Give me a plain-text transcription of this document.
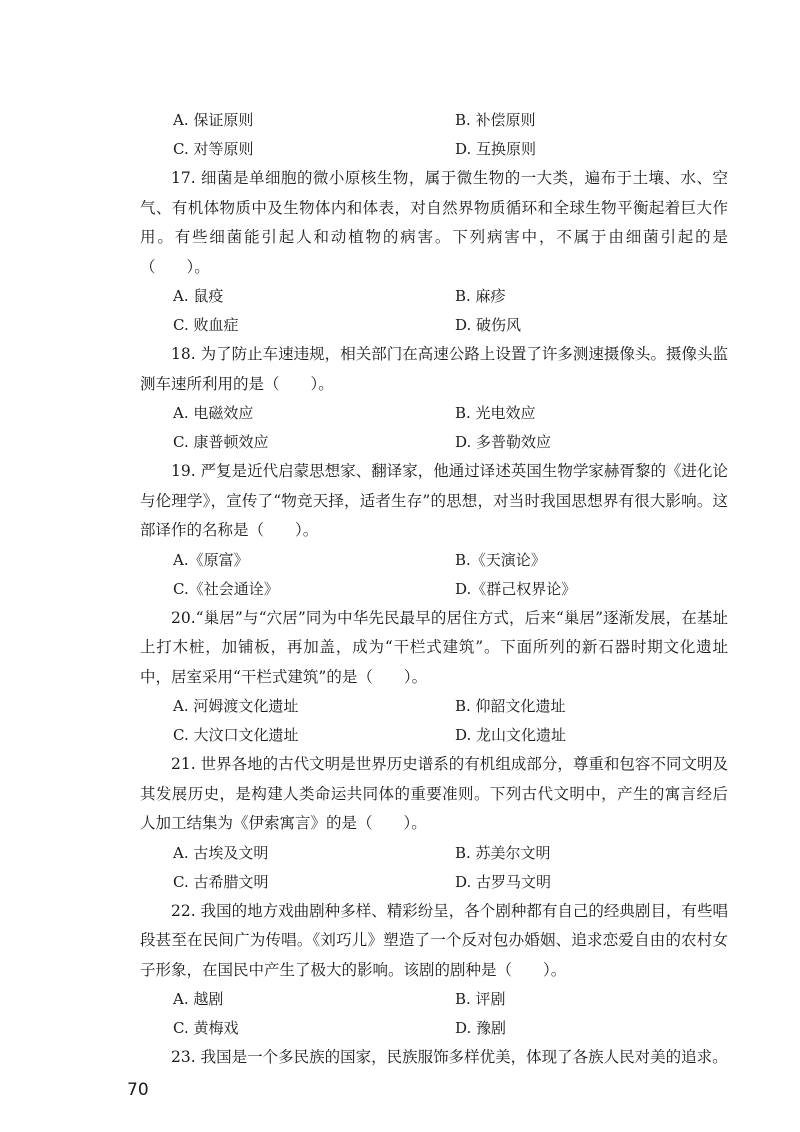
A. 保证原则	B. 补偿原则
C. 对等原则	D. 互换原则

17. 细菌是单细胞的微小原核生物，属于微生物的一大类，遍布于土壤、水、空气、有机体物质中及生物体内和体表，对自然界物质循环和全球生物平衡起着巨大作用。有些细菌能引起人和动植物的病害。下列病害中，不属于由细菌引起的是（　　）。

A. 鼠疫	B. 麻疹
C. 败血症	D. 破伤风

18. 为了防止车速违规，相关部门在高速公路上设置了许多测速摄像头。摄像头监测车速所利用的是（　　）。

A. 电磁效应	B. 光电效应
C. 康普顿效应	D. 多普勒效应

19. 严复是近代启蒙思想家、翻译家，他通过译述英国生物学家赫胥黎的《进化论与伦理学》，宣传了“物竞天择，适者生存”的思想，对当时我国思想界有很大影响。这部译作的名称是（　　）。

A.《原富》	B.《天演论》
C.《社会通诠》	D.《群己权界论》

20.“巢居”与“穴居”同为中华先民最早的居住方式，后来“巢居”逐渐发展，在基址上打木桩，加铺板，再加盖，成为“干栏式建筑”。下面所列的新石器时期文化遗址中，居室采用“干栏式建筑”的是（　　）。

A. 河姆渡文化遗址	B. 仰韶文化遗址
C. 大汶口文化遗址	D. 龙山文化遗址

21. 世界各地的古代文明是世界历史谱系的有机组成部分，尊重和包容不同文明及其发展历史，是构建人类命运共同体的重要准则。下列古代文明中，产生的寓言经后人加工结集为《伊索寓言》的是（　　）。

A. 古埃及文明	B. 苏美尔文明
C. 古希腊文明	D. 古罗马文明

22. 我国的地方戏曲剧种多样、精彩纷呈，各个剧种都有自己的经典剧目，有些唱段甚至在民间广为传唱。《刘巧儿》塑造了一个反对包办婚姻、追求恋爱自由的农村女子形象，在国民中产生了极大的影响。该剧的剧种是（　　）。

A. 越剧	B. 评剧
C. 黄梅戏	D. 豫剧

23. 我国是一个多民族的国家，民族服饰多样优美，体现了各族人民对美的追求。

70
